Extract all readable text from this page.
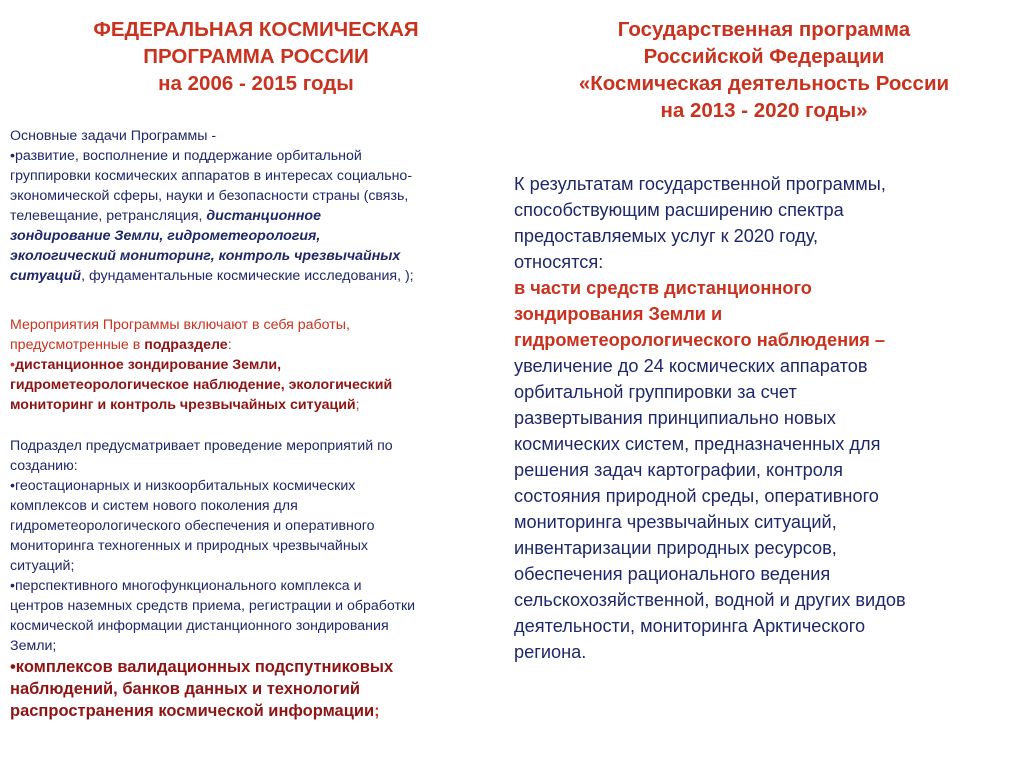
ФЕДЕРАЛЬНАЯ КОСМИЧЕСКАЯ
ПРОГРАММА РОССИИ
на 2006 - 2015 годы
Основные задачи Программы -
•развитие, восполнение и поддержание орбитальной
группировки космических аппаратов в интересах социально-
экономической сферы, науки и безопасности страны (связь,
телевещание, ретрансляция, дистанционное
зондирование Земли, гидрометеорология,
экологический мониторинг, контроль чрезвычайных
ситуаций, фундаментальные космические исследования, );
Мероприятия Программы включают в себя работы,
предусмотренные в подразделе:
•дистанционное зондирование Земли,
гидрометеорологическое наблюдение, экологический
мониторинг и контроль чрезвычайных ситуаций;
Подраздел предусматривает проведение мероприятий по
созданию:
•геостационарных и низкоорбитальных космических
комплексов и систем нового поколения для
гидрометеорологического обеспечения и оперативного
мониторинга техногенных и природных чрезвычайных
ситуаций;
•перспективного многофункционального комплекса и
центров наземных средств приема, регистрации и обработки
космической информации дистанционного зондирования
Земли;
•комплексов валидационных подспутниковых
наблюдений, банков данных и технологий
распространения космической информации;
Государственная программа
Российской Федерации
«Космическая деятельность России
на 2013 - 2020 годы»
К результатам государственной программы,
способствующим расширению спектра
предоставляемых услуг к 2020 году,
относятся:
в части средств дистанционного
зондирования Земли и
гидрометеорологического наблюдения –
увеличение до 24 космических аппаратов
орбитальной группировки за счет
развертывания принципиально новых
космических систем, предназначенных для
решения задач картографии, контроля
состояния природной среды, оперативного
мониторинга чрезвычайных ситуаций,
инвентаризации природных ресурсов,
обеспечения рационального ведения
сельскохозяйственной, водной и других видов
деятельности, мониторинга Арктического
региона.
